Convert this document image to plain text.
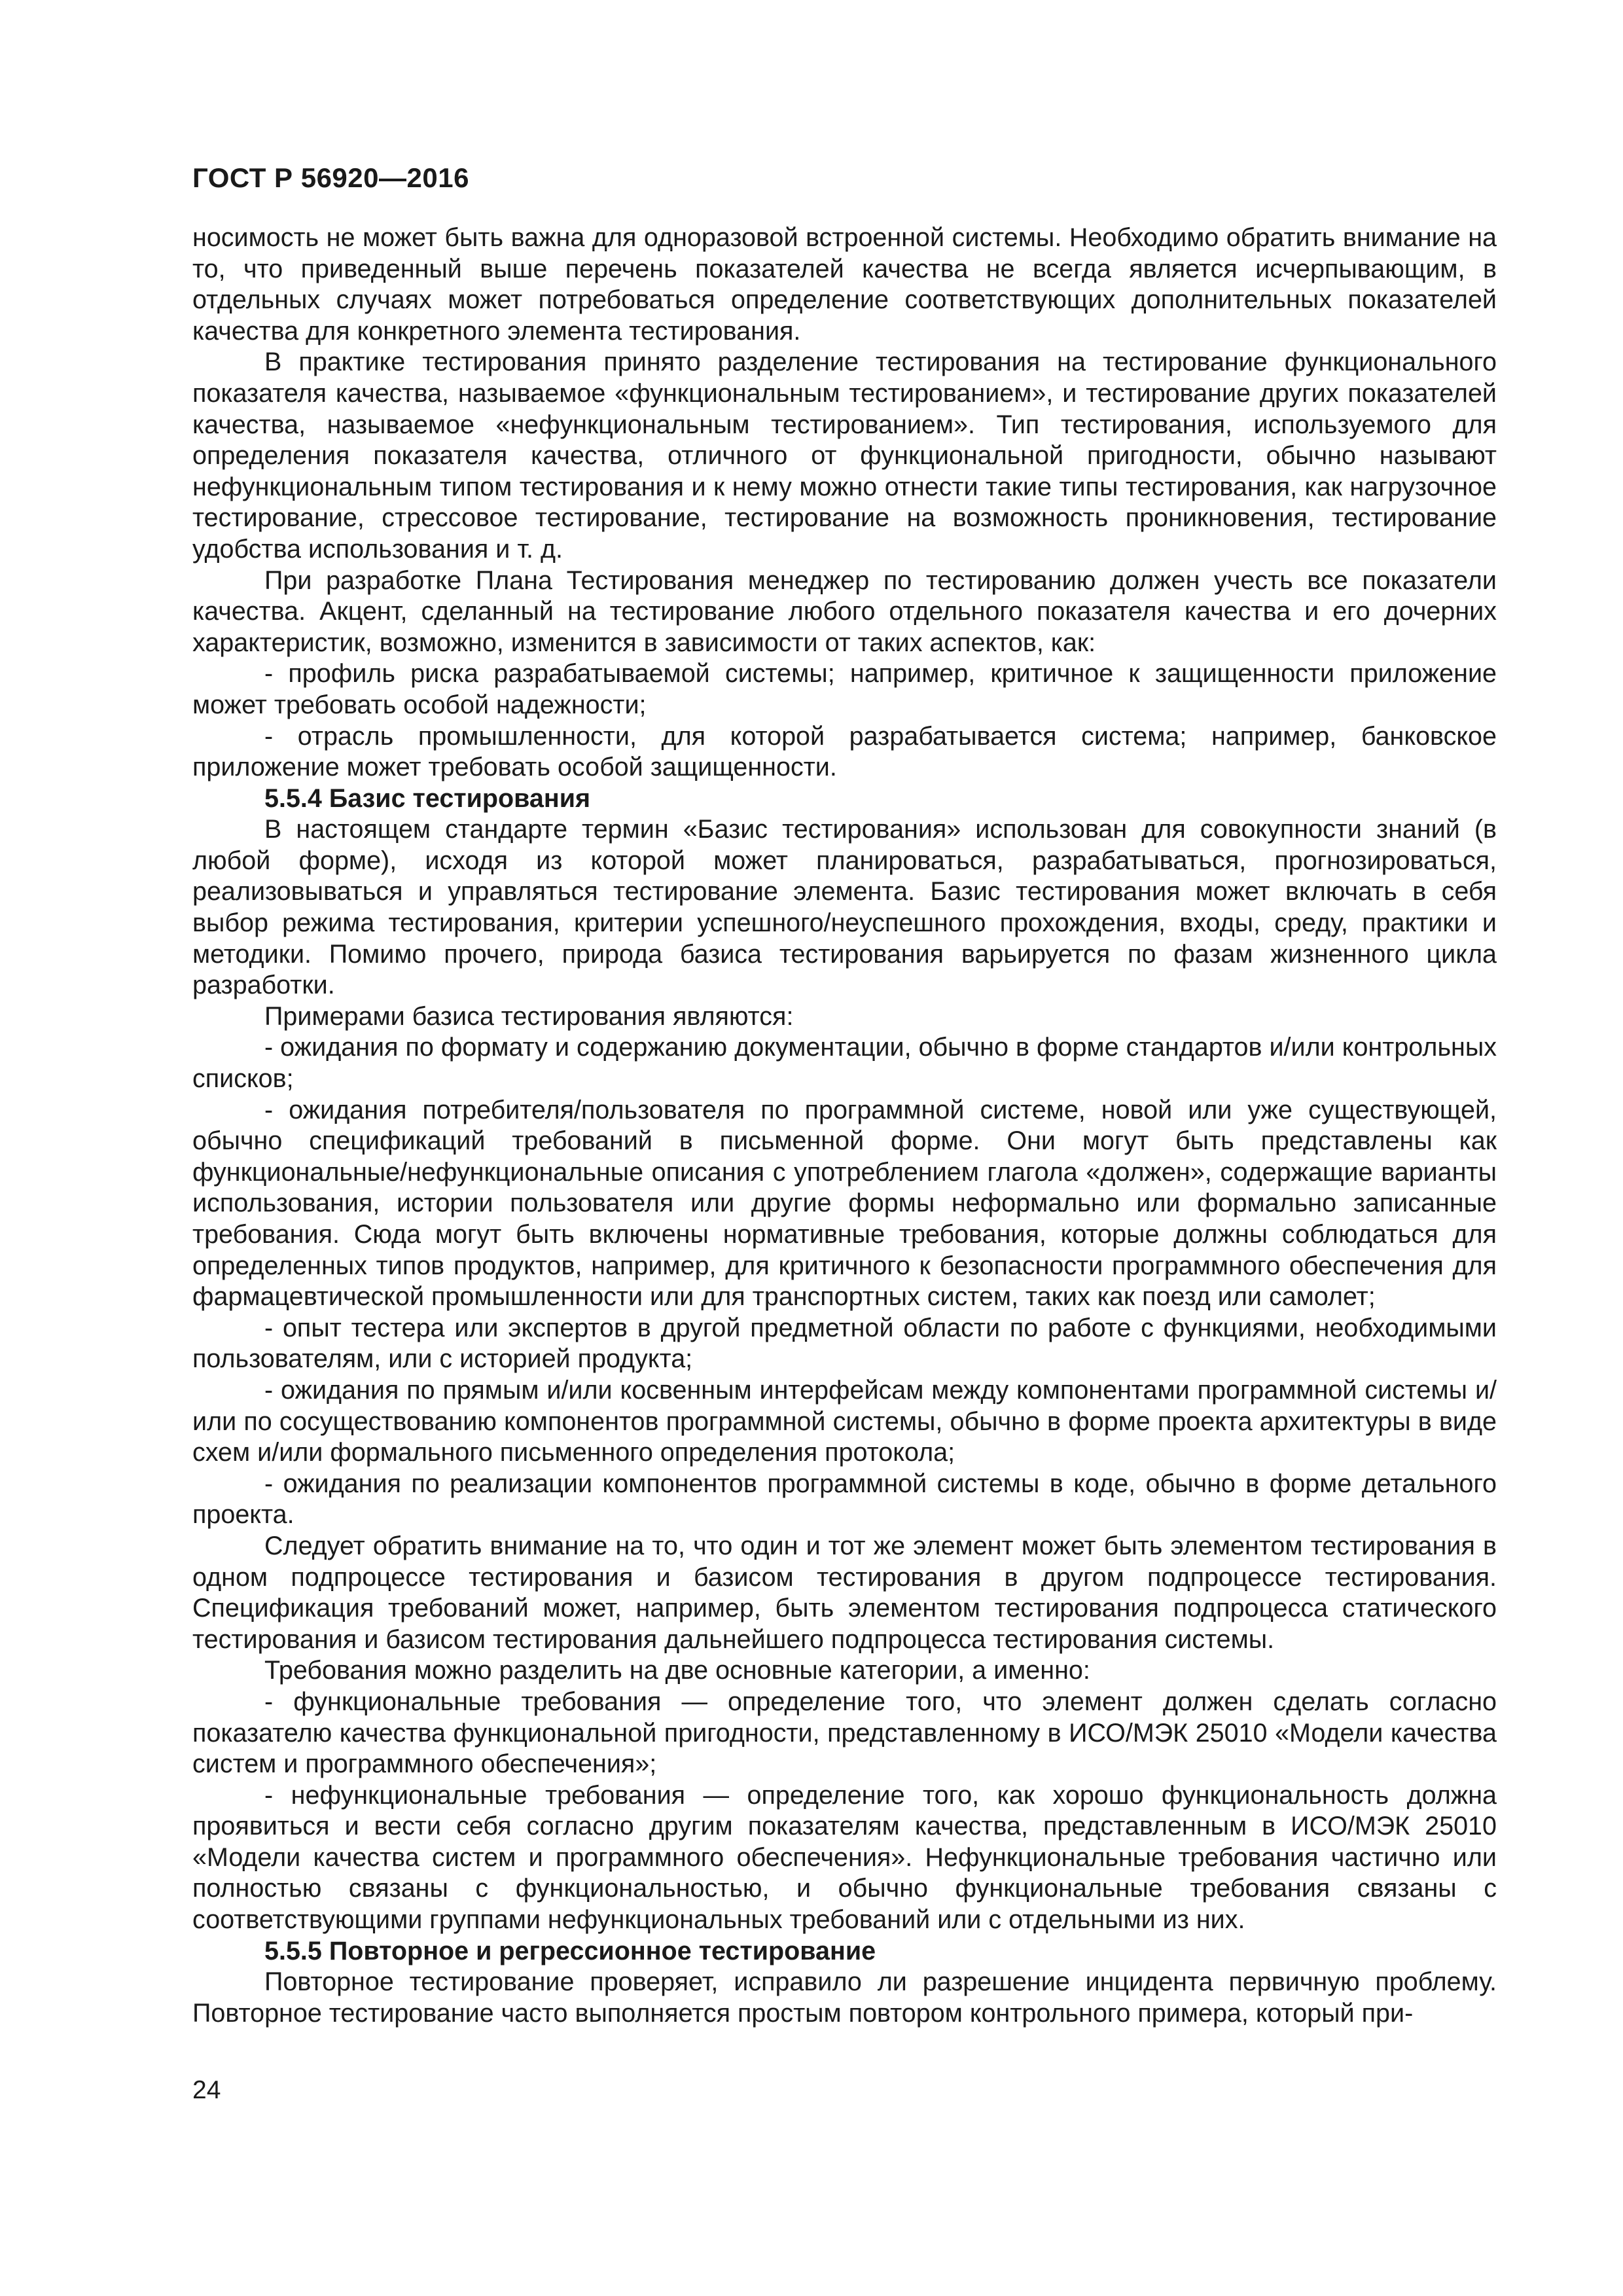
ГОСТ Р 56920—2016

носимость не может быть важна для одноразовой встроенной системы. Необходимо обратить внимание на то, что приведенный выше перечень показателей качества не всегда является исчерпывающим, в отдельных случаях может потребоваться определение соответствующих дополнительных показателей качества для конкретного элемента тестирования.

В практике тестирования принято разделение тестирования на тестирование функционального показателя качества, называемое «функциональным тестированием», и тестирование других показателей качества, называемое «нефункциональным тестированием». Тип тестирования, используемого для определения показателя качества, отличного от функциональной пригодности, обычно называют нефункциональным типом тестирования и к нему можно отнести такие типы тестирования, как нагрузочное тестирование, стрессовое тестирование, тестирование на возможность проникновения, тестирование удобства использования и т. д.

При разработке Плана Тестирования менеджер по тестированию должен учесть все показатели качества. Акцент, сделанный на тестирование любого отдельного показателя качества и его дочерних характеристик, возможно, изменится в зависимости от таких аспектов, как:

- профиль риска разрабатываемой системы; например, критичное к защищенности приложение может требовать особой надежности;

- отрасль промышленности, для которой разрабатывается система; например, банковское приложение может требовать особой защищенности.

5.5.4 Базис тестирования

В настоящем стандарте термин «Базис тестирования» использован для совокупности знаний (в любой форме), исходя из которой может планироваться, разрабатываться, прогнозироваться, реализовываться и управляться тестирование элемента. Базис тестирования может включать в себя выбор режима тестирования, критерии успешного/неуспешного прохождения, входы, среду, практики и методики. Помимо прочего, природа базиса тестирования варьируется по фазам жизненного цикла разработки.

Примерами базиса тестирования являются:

- ожидания по формату и содержанию документации, обычно в форме стандартов и/или контрольных списков;

- ожидания потребителя/пользователя по программной системе, новой или уже существующей, обычно спецификаций требований в письменной форме. Они могут быть представлены как функциональные/нефункциональные описания с употреблением глагола «должен», содержащие варианты использования, истории пользователя или другие формы неформально или формально записанные требования. Сюда могут быть включены нормативные требования, которые должны соблюдаться для определенных типов продуктов, например, для критичного к безопасности программного обеспечения для фармацевтической промышленности или для транспортных систем, таких как поезд или самолет;

- опыт тестера или экспертов в другой предметной области по работе с функциями, необходимыми пользователям, или с историей продукта;

- ожидания по прямым и/или косвенным интерфейсам между компонентами программной системы и/или по сосуществованию компонентов программной системы, обычно в форме проекта архитектуры в виде схем и/или формального письменного определения протокола;

- ожидания по реализации компонентов программной системы в коде, обычно в форме детального проекта.

Следует обратить внимание на то, что один и тот же элемент может быть элементом тестирования в одном подпроцессе тестирования и базисом тестирования в другом подпроцессе тестирования. Спецификация требований может, например, быть элементом тестирования подпроцесса статического тестирования и базисом тестирования дальнейшего подпроцесса тестирования системы.

Требования можно разделить на две основные категории, а именно:

- функциональные требования — определение того, что элемент должен сделать согласно показателю качества функциональной пригодности, представленному в ИСО/МЭК 25010 «Модели качества систем и программного обеспечения»;

- нефункциональные требования — определение того, как хорошо функциональность должна проявиться и вести себя согласно другим показателям качества, представленным в ИСО/МЭК 25010 «Модели качества систем и программного обеспечения». Нефункциональные требования частично или полностью связаны с функциональностью, и обычно функциональные требования связаны с соответствующими группами нефункциональных требований или с отдельными из них.

5.5.5 Повторное и регрессионное тестирование

Повторное тестирование проверяет, исправило ли разрешение инцидента первичную проблему. Повторное тестирование часто выполняется простым повтором контрольного примера, который при-

24
